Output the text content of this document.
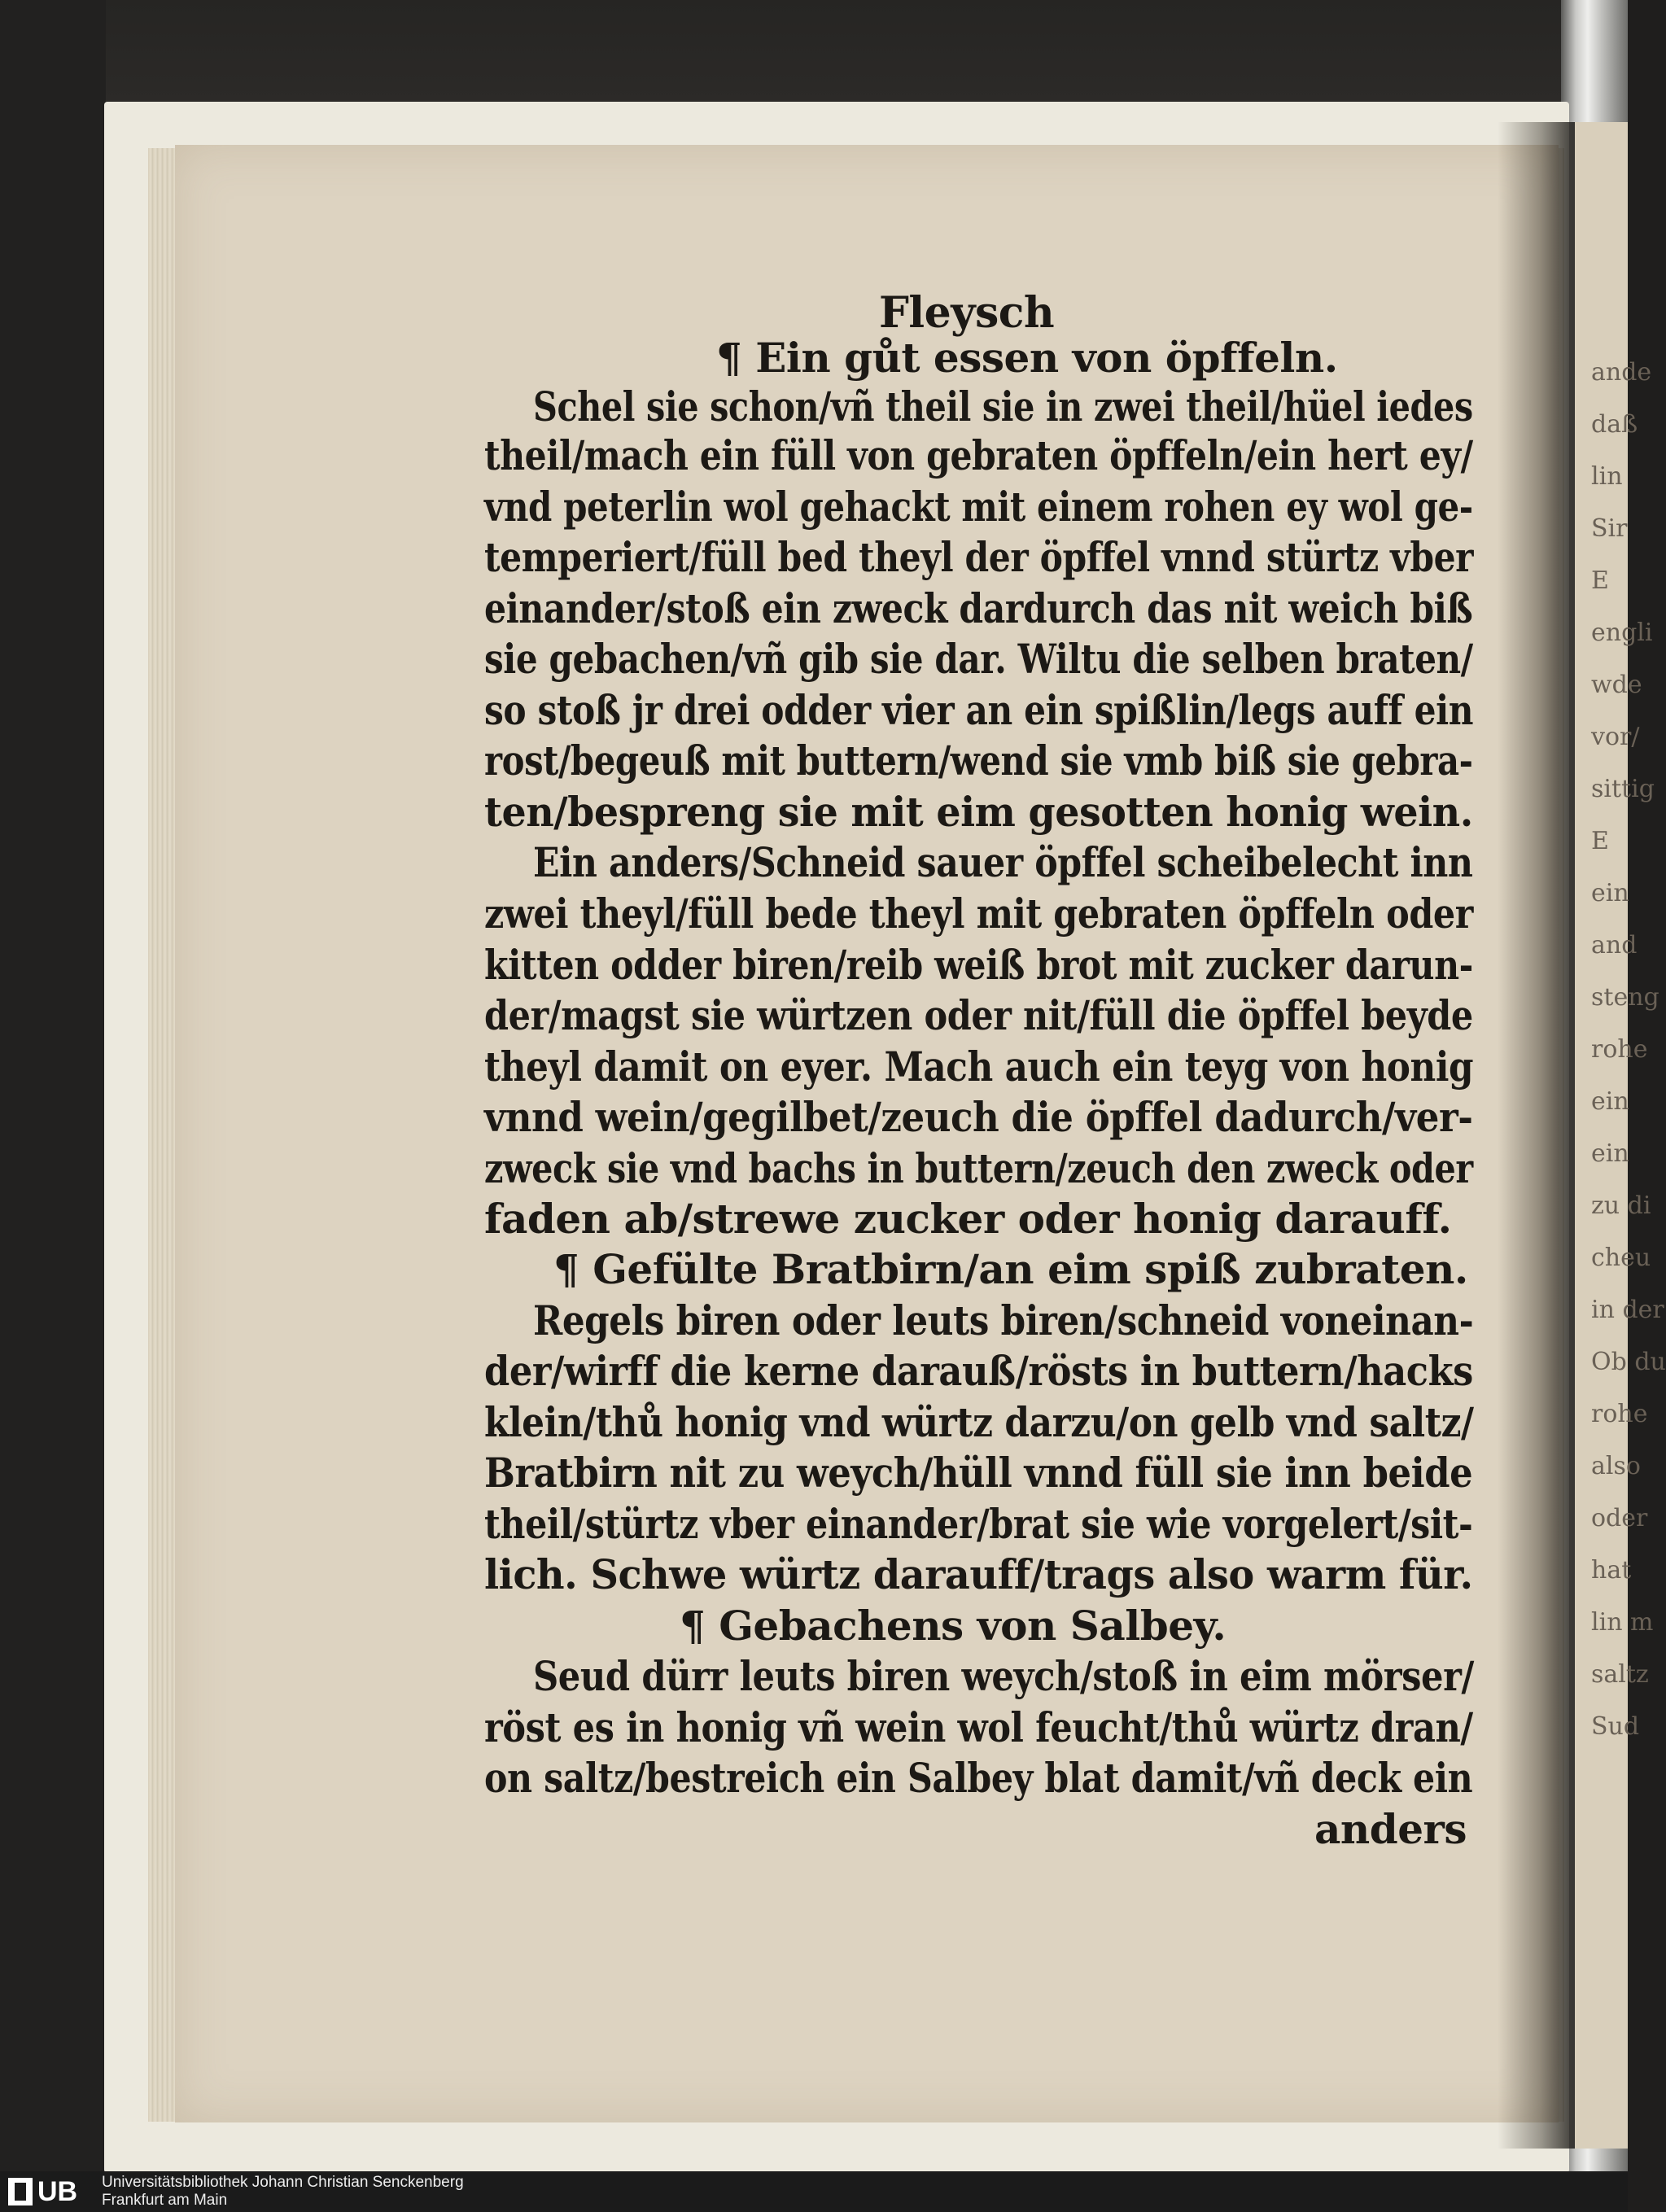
ande
daß
lin
Sir
E
engli
wde
vor/
sittig
E
ein
and
steng
rohe
ein
ein
zu di
cheu
in der
Ob du
rohe
also
oder
hat
lin m
saltz
Sud
Fleysch
¶ Ein gůt essen von öpffeln.
Schel sie schon/vñ theil sie in zwei theil/hüel iedes
theil/mach ein füll von gebraten öpffeln/ein hert ey/
vnd peterlin wol gehackt mit einem rohen ey wol ge-
temperiert/füll bed theyl der öpffel vnnd stürtz vber
einander/stoß ein zweck dardurch das nit weich biß
sie gebachen/vñ gib sie dar. Wiltu die selben braten/
so stoß jr drei odder vier an ein spißlin/legs auff ein
rost/begeuß mit buttern/wend sie vmb biß sie gebra-
ten/bespreng sie mit eim gesotten honig wein.
Ein anders/Schneid sauer öpffel scheibelecht inn
zwei theyl/füll bede theyl mit gebraten öpffeln oder
kitten odder biren/reib weiß brot mit zucker darun-
der/magst sie würtzen oder nit/füll die öpffel beyde
theyl damit on eyer. Mach auch ein teyg von honig
vnnd wein/gegilbet/zeuch die öpffel dadurch/ver-
zweck sie vnd bachs in buttern/zeuch den zweck oder
faden ab/strewe zucker oder honig darauff.
¶ Gefülte Bratbirn/an eim spiß zubraten.
Regels biren oder leuts biren/schneid voneinan-
der/wirff die kerne darauß/rösts in buttern/hacks
klein/thů honig vnd würtz darzu/on gelb vnd saltz/
Bratbirn nit zu weych/hüll vnnd füll sie inn beide
theil/stürtz vber einander/brat sie wie vorgelert/sit-
lich. Schwe würtz darauff/trags also warm für.
¶ Gebachens von Salbey.
Seud dürr leuts biren weych/stoß in eim mörser/
röst es in honig vñ wein wol feucht/thů würtz dran/
on saltz/bestreich ein Salbey blat damit/vñ deck ein
anders
UB Universitätsbibliothek Johann Christian Senckenberg
Frankfurt am Main
